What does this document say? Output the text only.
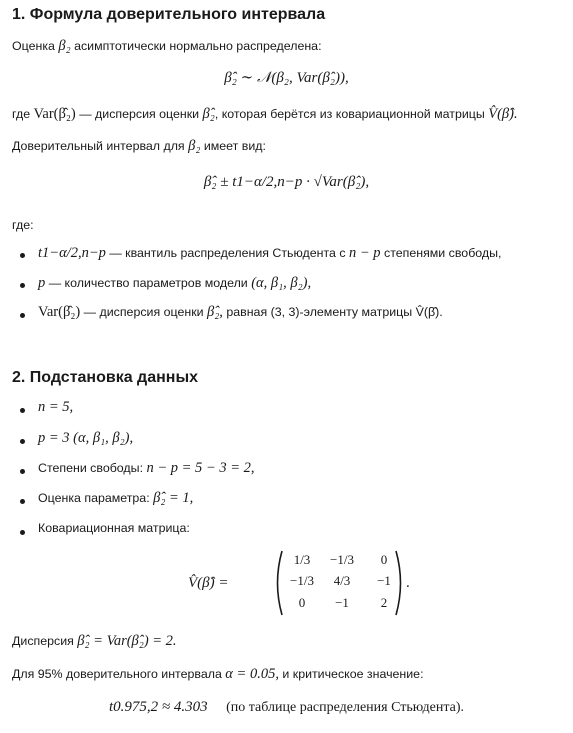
1. Формула доверительного интервала
Оценка β₂ асимптотически нормально распределена:
β̂₂ ∼ 𝒩(β₂, Var(β̂₂)),
где Var(β̂₂) — дисперсия оценки β̂₂, которая берётся из ковариационной матрицы V̂(β̂).
Доверительный интервал для β₂ имеет вид:
β̂₂ ± t1−α/2,n−p · √Var(β̂₂),
где:
t1−α/2,n−p — квантиль распределения Стьюдента с n − p степенями свободы,
p — количество параметров модели (α, β₁, β₂),
Var(β̂₂) — дисперсия оценки β̂₂, равная (3, 3)-элементу матрицы V̂(β̂).
2. Подстановка данных
n = 5,
p = 3 (α, β₁, β₂),
Степени свободы: n − p = 5 − 3 = 2,
Оценка параметра: β̂₂ = 1,
Ковариационная матрица:
V̂(β̂) =	.
1/3	−1/3	0
−1/3	4/3	−1
0	−1	2
Дисперсия β̂₂ = Var(β̂₂) = 2.
Для 95% доверительного интервала α = 0.05, и критическое значение:
t0.975,2 ≈ 4.303 (по таблице распределения Стьюдента).
